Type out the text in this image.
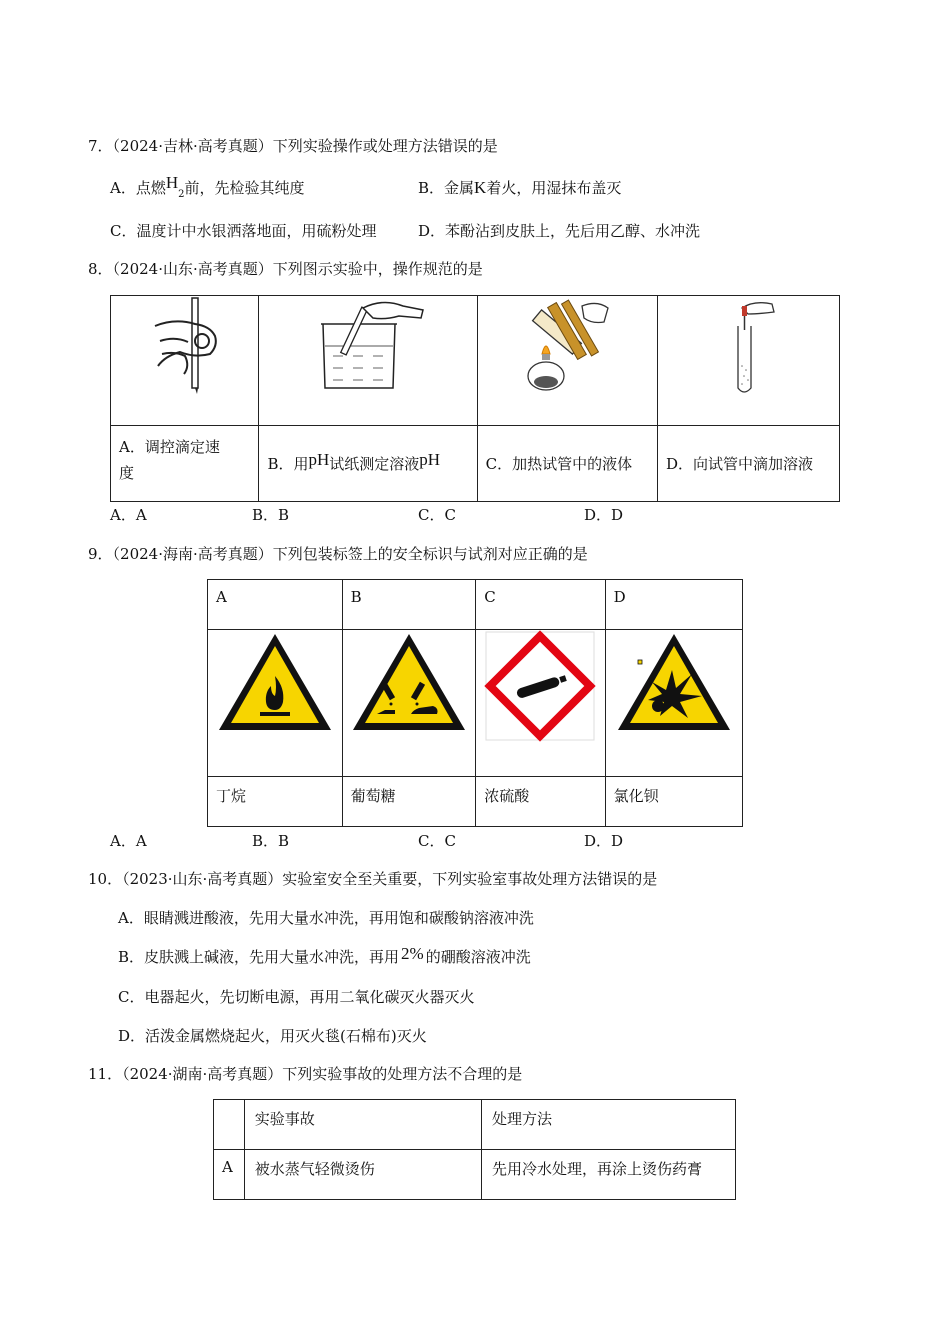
7．（2024·吉林·高考真题）下列实验操作或处理方法错误的是
A．点燃$H_2$前，先检验其纯度	B．金属K着火，用湿抹布盖灭
C．温度计中水银洒落地面，用硫粉处理	D．苯酚沾到皮肤上，先后用乙醇、水冲洗
8．（2024·山东·高考真题）下列图示实验中，操作规范的是

A．调控滴定速
度	B．用pH试纸测定溶液pH	C．加热试管中的液体	D．向试管中滴加溶液
A．A	B．B	C．C	D．D
9．（2024·海南·高考真题）下列包装标签上的安全标识与试剂对应正确的是
A	B	C	D

丁烷	葡萄糖	浓硫酸	氯化钡
A．A	B．B	C．C	D．D
10．（2023·山东·高考真题）实验室安全至关重要，下列实验室事故处理方法错误的是
A．眼睛溅进酸液，先用大量水冲洗，再用饱和碳酸钠溶液冲洗
B．皮肤溅上碱液，先用大量水冲洗，再用 2% 的硼酸溶液冲洗
C．电器起火，先切断电源，再用二氧化碳灭火器灭火
D．活泼金属燃烧起火，用灭火毯(石棉布)灭火
11．（2024·湖南·高考真题）下列实验事故的处理方法不合理的是
	实验事故	处理方法
A	被水蒸气轻微烫伤	先用冷水处理，再涂上烫伤药膏
